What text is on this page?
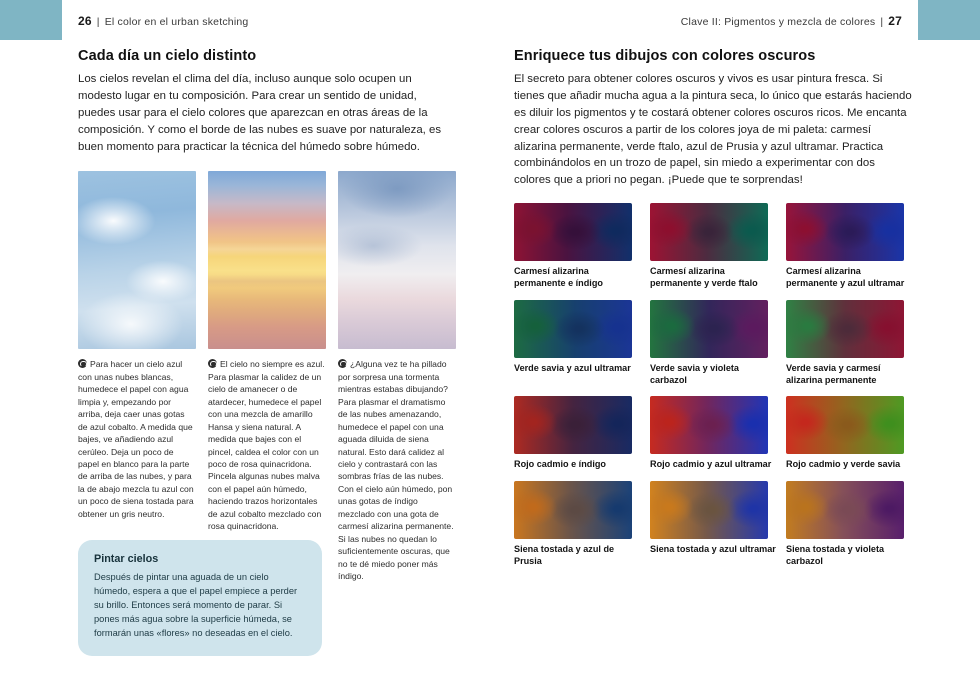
26 | El color en el urban sketching	Clave II: Pigmentos y mezcla de colores | 27
Cada día un cielo distinto

Los cielos revelan el clima del día, incluso aunque solo ocupen un modesto lugar en tu composición. Para crear un sentido de unidad, puedes usar para el cielo colores que aparezcan en otras áreas de la composición. Y como el borde de las nubes es suave por naturaleza, es buen momento para practicar la técnica del húmedo sobre húmedo.

Para hacer un cielo azul con unas nubes blancas, humedece el papel con agua limpia y, empezando por arriba, deja caer unas gotas de azul cobalto. A medida que bajes, ve añadiendo azul cerúleo. Deja un poco de papel en blanco para la parte de arriba de las nubes, y para la de abajo mezcla tu azul con un poco de siena tostada para obtener un gris neutro.
El cielo no siempre es azul. Para plasmar la calidez de un cielo de amanecer o de atardecer, humedece el papel con una mezcla de amarillo Hansa y siena natural. A medida que bajes con el pincel, caldea el color con un poco de rosa quinacridona. Pincela algunas nubes malva con el papel aún húmedo, haciendo trazos horizontales de azul cobalto mezclado con rosa quinacridona.
¿Alguna vez te ha pillado por sorpresa una tormenta mientras estabas dibujando? Para plasmar el dramatismo de las nubes amenazando, humedece el papel con una aguada diluida de siena natural. Esto dará calidez al cielo y contrastará con las sombras frías de las nubes. Con el cielo aún húmedo, pon unas gotas de índigo mezclado con una gota de carmesí alizarina permanente. Si las nubes no quedan lo suficientemente oscuras, que no te dé miedo poner más índigo.
Pintar cielos

Después de pintar una aguada de un cielo húmedo, espera a que el papel empiece a perder su brillo. Entonces será momento de parar. Si pones más agua sobre la superficie húmeda, se formarán unas «flores» no deseadas en el cielo.

Enriquece tus dibujos con colores oscuros

El secreto para obtener colores oscuros y vivos es usar pintura fresca. Si tienes que añadir mucha agua a la pintura seca, lo único que estarás haciendo es diluir los pigmentos y te costará obtener colores oscuros ricos. Me encanta crear colores oscuros a partir de los colores joya de mi paleta: carmesí alizarina permanente, verde ftalo, azul de Prusia y azul ultramar. Practica combinándolos en un trozo de papel, sin miedo a experimentar con dos colores que a priori no pegan. ¡Puede que te sorprendas!

Carmesí alizarina permanente e índigo
Carmesí alizarina permanente y verde ftalo
Carmesí alizarina permanente y azul ultramar
Verde savia y azul ultramar	Verde savia y violeta carbazol
Verde savia y carmesí alizarina permanente
Rojo cadmio e índigo	Rojo cadmio y azul ultramar	Rojo cadmio y verde savia
Siena tostada y azul de Prusia
Siena tostada y azul ultramar Siena tostada y violeta carbazol
